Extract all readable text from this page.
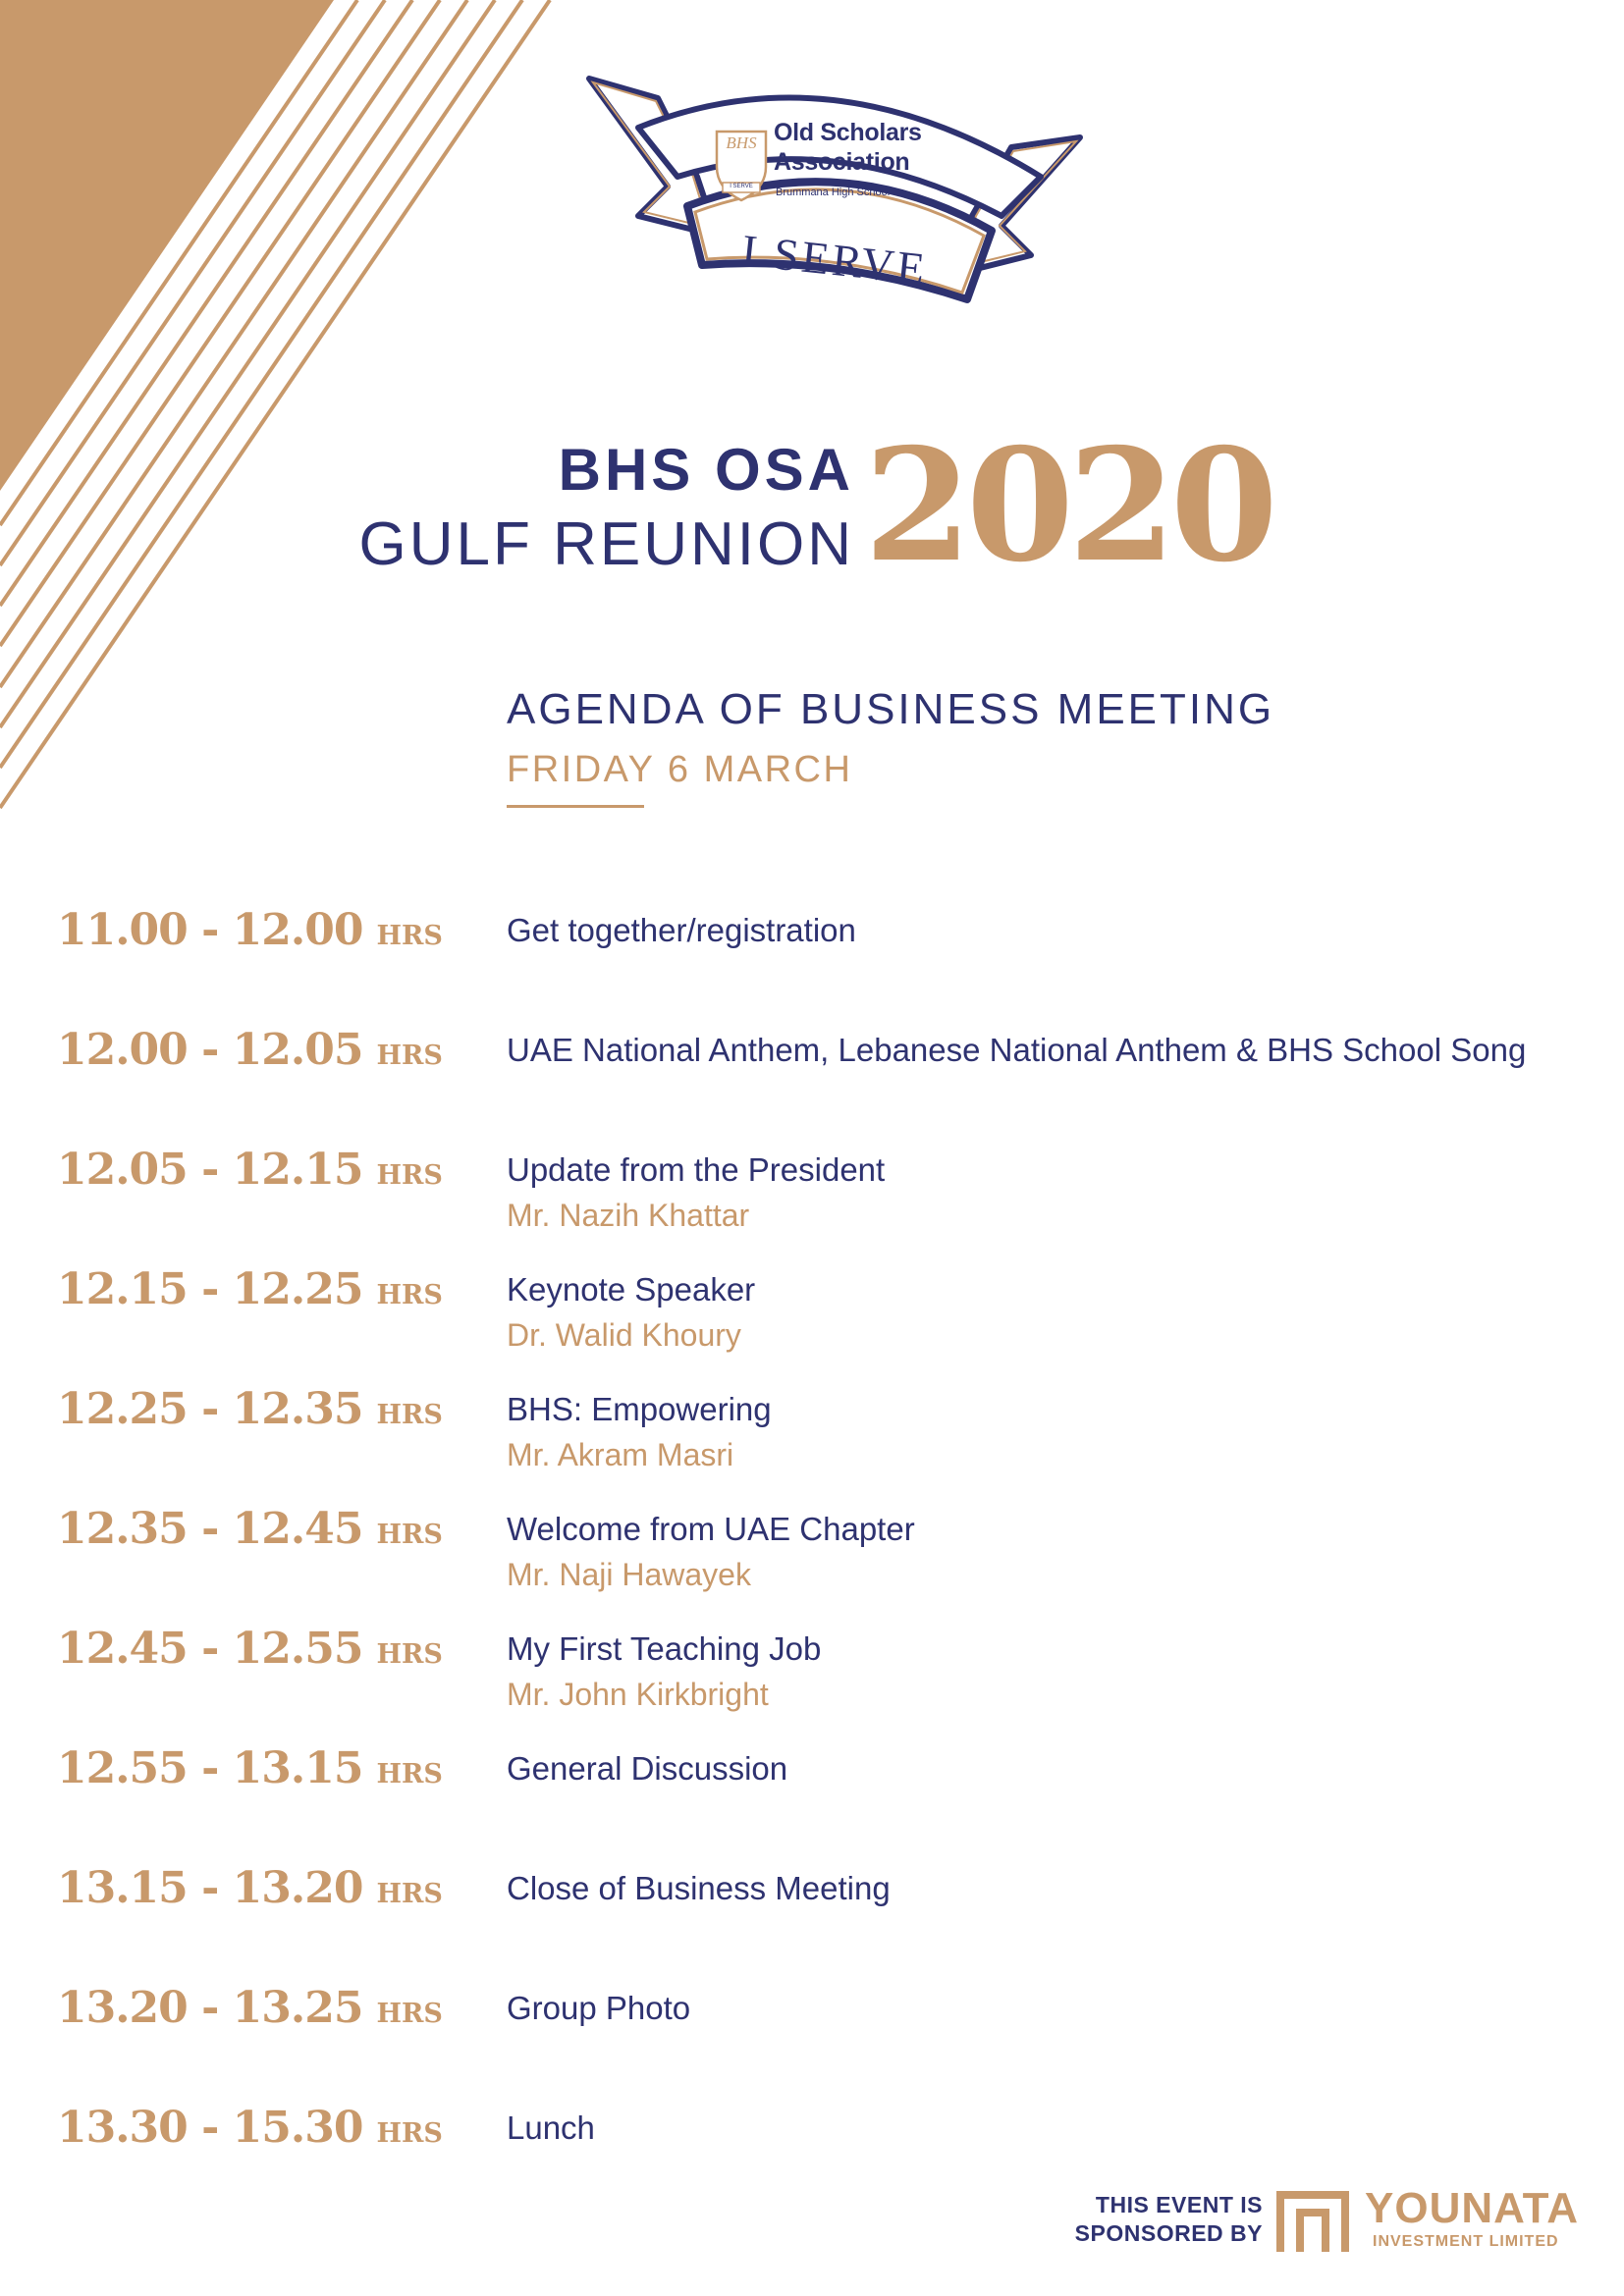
BHS
I SERVE
Old Scholars
Association
Brummana High School
I SERVE
BHS OSA
GULF REUNION 2020
AGENDA OF BUSINESS MEETING
FRIDAY 6 MARCH
11.00 - 12.00 HRS Get together/registration
12.00 - 12.05 HRS UAE National Anthem, Lebanese National Anthem & BHS School Song
12.05 - 12.15 HRS Update from the President
Mr. Nazih Khattar
12.15 - 12.25 HRS Keynote Speaker
Dr. Walid Khoury
12.25 - 12.35 HRS BHS: Empowering
Mr. Akram Masri
12.35 - 12.45 HRS Welcome from UAE Chapter
Mr. Naji Hawayek
12.45 - 12.55 HRS My First Teaching Job
Mr. John Kirkbright
12.55 - 13.15 HRS General Discussion
13.15 - 13.20 HRS Close of Business Meeting
13.20 - 13.25 HRS Group Photo
13.30 - 15.30 HRS Lunch
THIS EVENT IS
SPONSORED BY
YOUNATA
INVESTMENT LIMITED
